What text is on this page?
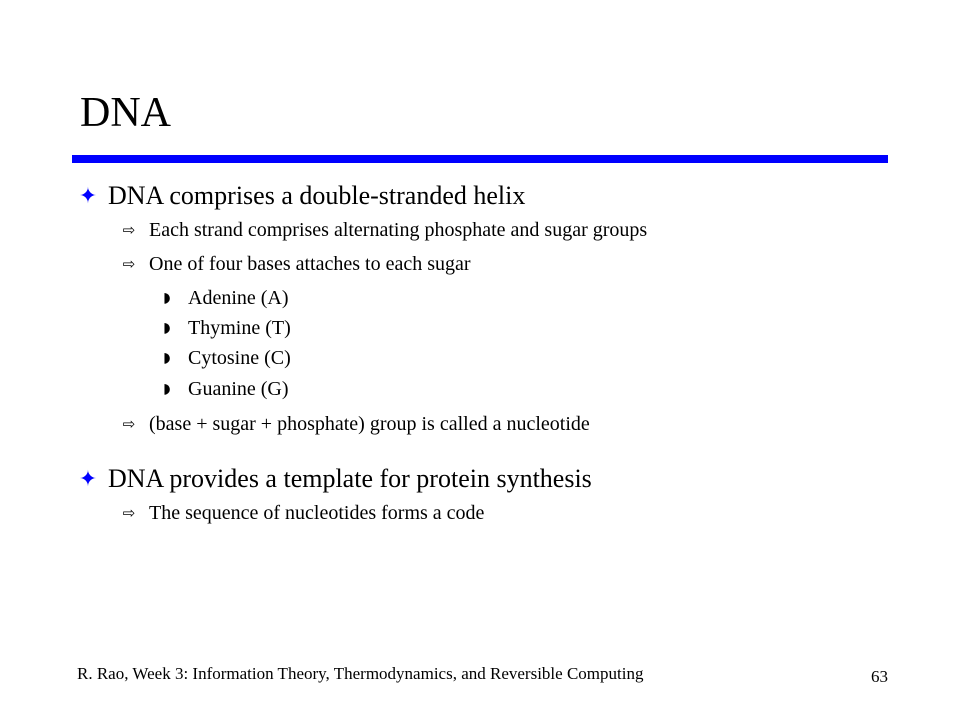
DNA
✦ DNA comprises a double-stranded helix
⇨ Each strand comprises alternating phosphate and sugar groups
⇨ One of four bases attaches to each sugar
◗ Adenine (A)
◗ Thymine (T)
◗ Cytosine (C)
◗ Guanine (G)
⇨ (base + sugar + phosphate) group is called a nucleotide
✦ DNA provides a template for protein synthesis
⇨ The sequence of nucleotides forms a code
R. Rao, Week 3: Information Theory, Thermodynamics, and Reversible Computing	63
